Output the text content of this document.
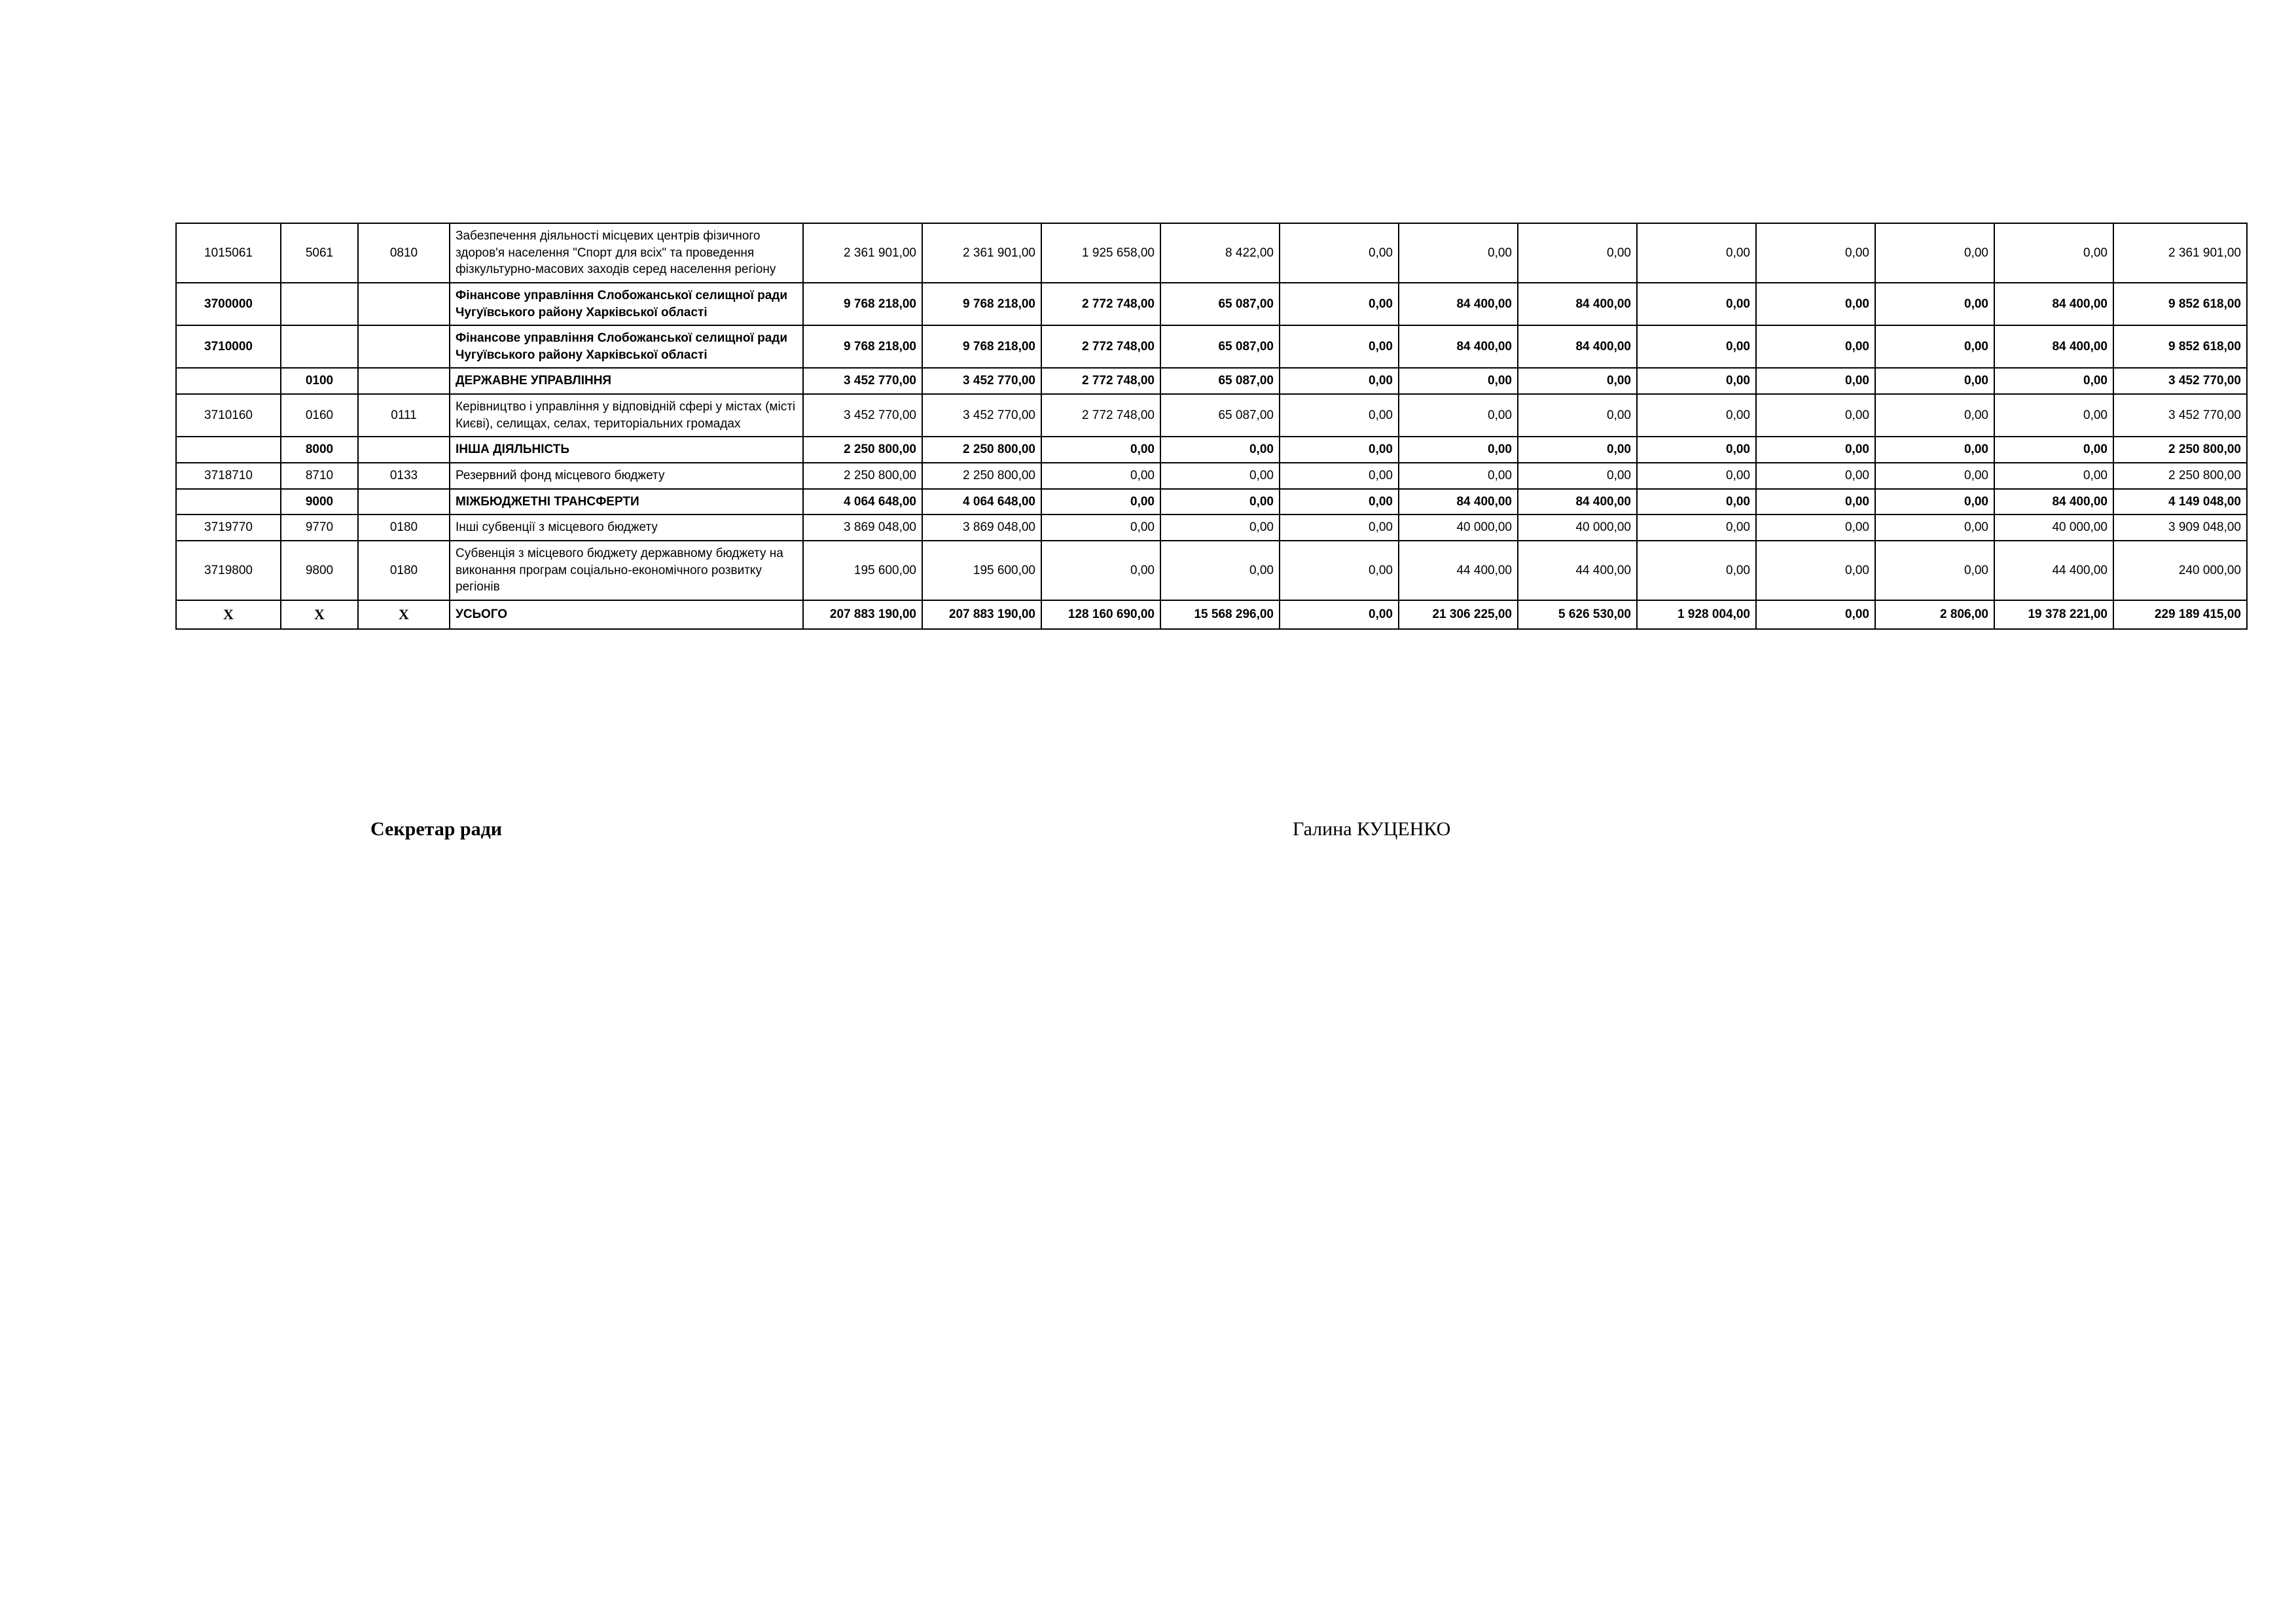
1015061	5061	0810	Забезпечення діяльності місцевих центрів фізичного здоров'я населення "Спорт для всіх" та проведення фізкультурно-масових заходів серед населення регіону	2 361 901,00	2 361 901,00	1 925 658,00	8 422,00	0,00	0,00	0,00	0,00	0,00	0,00	0,00	2 361 901,00
3700000			Фінансове управління Слобожанської селищної ради Чугуївського району Харківської області	9 768 218,00	9 768 218,00	2 772 748,00	65 087,00	0,00	84 400,00	84 400,00	0,00	0,00	0,00	84 400,00	9 852 618,00
3710000			Фінансове управління Слобожанської селищної ради Чугуївського району Харківської області	9 768 218,00	9 768 218,00	2 772 748,00	65 087,00	0,00	84 400,00	84 400,00	0,00	0,00	0,00	84 400,00	9 852 618,00
	0100		ДЕРЖАВНЕ УПРАВЛІННЯ	3 452 770,00	3 452 770,00	2 772 748,00	65 087,00	0,00	0,00	0,00	0,00	0,00	0,00	0,00	3 452 770,00
3710160	0160	0111	Керівництво і управління у відповідній сфері у містах (місті Києві), селищах, селах, територіальних громадах	3 452 770,00	3 452 770,00	2 772 748,00	65 087,00	0,00	0,00	0,00	0,00	0,00	0,00	0,00	3 452 770,00
	8000		ІНША ДІЯЛЬНІСТЬ	2 250 800,00	2 250 800,00	0,00	0,00	0,00	0,00	0,00	0,00	0,00	0,00	0,00	2 250 800,00
3718710	8710	0133	Резервний фонд місцевого бюджету	2 250 800,00	2 250 800,00	0,00	0,00	0,00	0,00	0,00	0,00	0,00	0,00	0,00	2 250 800,00
	9000		МІЖБЮДЖЕТНІ ТРАНСФЕРТИ	4 064 648,00	4 064 648,00	0,00	0,00	0,00	84 400,00	84 400,00	0,00	0,00	0,00	84 400,00	4 149 048,00
3719770	9770	0180	Інші субвенції з місцевого бюджету	3 869 048,00	3 869 048,00	0,00	0,00	0,00	40 000,00	40 000,00	0,00	0,00	0,00	40 000,00	3 909 048,00
3719800	9800	0180	Субвенція з місцевого бюджету державному бюджету на виконання програм соціально-економічного розвитку регіонів	195 600,00	195 600,00	0,00	0,00	0,00	44 400,00	44 400,00	0,00	0,00	0,00	44 400,00	240 000,00
X	X	X	УСЬОГО	207 883 190,00	207 883 190,00	128 160 690,00	15 568 296,00	0,00	21 306 225,00	5 626 530,00	1 928 004,00	0,00	2 806,00	19 378 221,00	229 189 415,00
Секретар ради	Галина КУЦЕНКО
